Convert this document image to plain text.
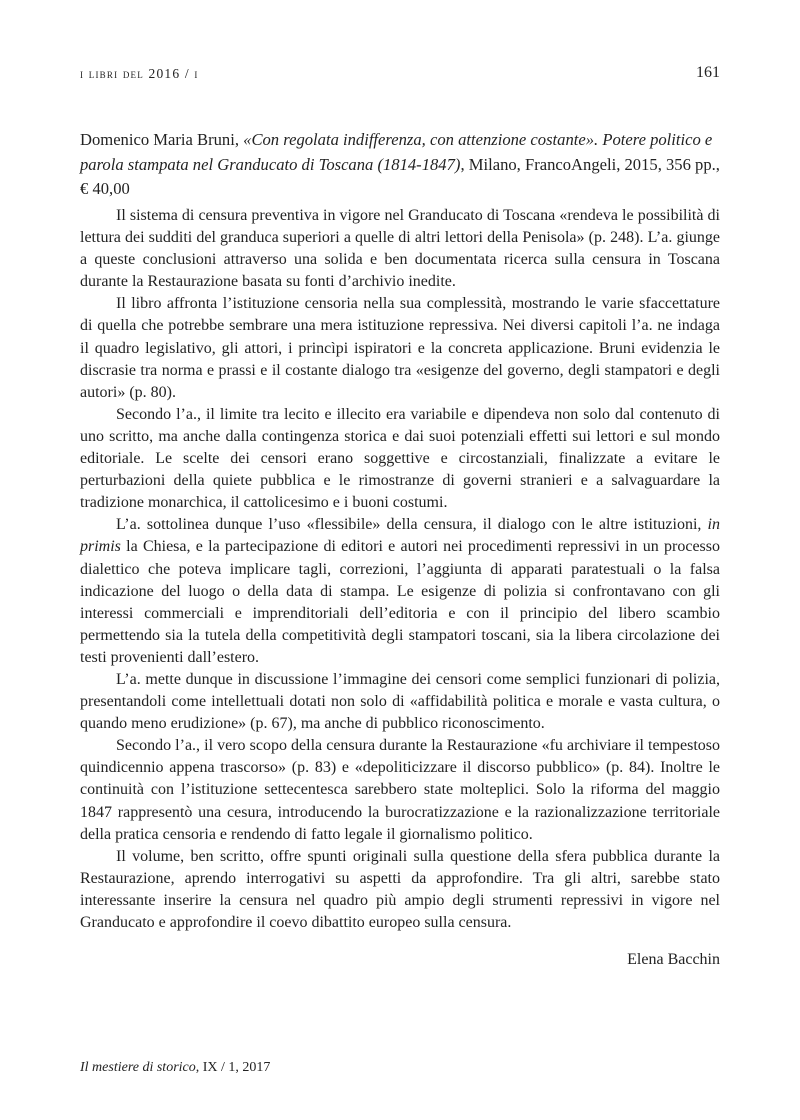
i libri del 2016 / i	161
Domenico Maria Bruni, «Con regolata indifferenza, con attenzione costante». Potere politico e parola stampata nel Granducato di Toscana (1814-1847), Milano, FrancoAngeli, 2015, 356 pp., € 40,00

Il sistema di censura preventiva in vigore nel Granducato di Toscana «rendeva le possibilità di lettura dei sudditi del granduca superiori a quelle di altri lettori della Penisola» (p. 248). L’a. giunge a queste conclusioni attraverso una solida e ben documentata ricerca sulla censura in Toscana durante la Restaurazione basata su fonti d’archivio inedite.

Il libro affronta l’istituzione censoria nella sua complessità, mostrando le varie sfaccettature di quella che potrebbe sembrare una mera istituzione repressiva. Nei diversi capitoli l’a. ne indaga il quadro legislativo, gli attori, i princìpi ispiratori e la concreta applicazione. Bruni evidenzia le discrasie tra norma e prassi e il costante dialogo tra «esigenze del governo, degli stampatori e degli autori» (p. 80).

Secondo l’a., il limite tra lecito e illecito era variabile e dipendeva non solo dal contenuto di uno scritto, ma anche dalla contingenza storica e dai suoi potenziali effetti sui lettori e sul mondo editoriale. Le scelte dei censori erano soggettive e circostanziali, finalizzate a evitare le perturbazioni della quiete pubblica e le rimostranze di governi stranieri e a salvaguardare la tradizione monarchica, il cattolicesimo e i buoni costumi.

L’a. sottolinea dunque l’uso «flessibile» della censura, il dialogo con le altre istituzioni, in primis la Chiesa, e la partecipazione di editori e autori nei procedimenti repressivi in un processo dialettico che poteva implicare tagli, correzioni, l’aggiunta di apparati paratestuali o la falsa indicazione del luogo o della data di stampa. Le esigenze di polizia si confrontavano con gli interessi commerciali e imprenditoriali dell’editoria e con il principio del libero scambio permettendo sia la tutela della competitività degli stampatori toscani, sia la libera circolazione dei testi provenienti dall’estero.

L’a. mette dunque in discussione l’immagine dei censori come semplici funzionari di polizia, presentandoli come intellettuali dotati non solo di «affidabilità politica e morale e vasta cultura, o quando meno erudizione» (p. 67), ma anche di pubblico riconoscimento.

Secondo l’a., il vero scopo della censura durante la Restaurazione «fu archiviare il tempestoso quindicennio appena trascorso» (p. 83) e «depoliticizzare il discorso pubblico» (p. 84). Inoltre le continuità con l’istituzione settecentesca sarebbero state molteplici. Solo la riforma del maggio 1847 rappresentò una cesura, introducendo la burocratizzazione e la razionalizzazione territoriale della pratica censoria e rendendo di fatto legale il giornalismo politico.

Il volume, ben scritto, offre spunti originali sulla questione della sfera pubblica durante la Restaurazione, aprendo interrogativi su aspetti da approfondire. Tra gli altri, sarebbe stato interessante inserire la censura nel quadro più ampio degli strumenti repressivi in vigore nel Granducato e approfondire il coevo dibattito europeo sulla censura.

Elena Bacchin
Il mestiere di storico, IX / 1, 2017
